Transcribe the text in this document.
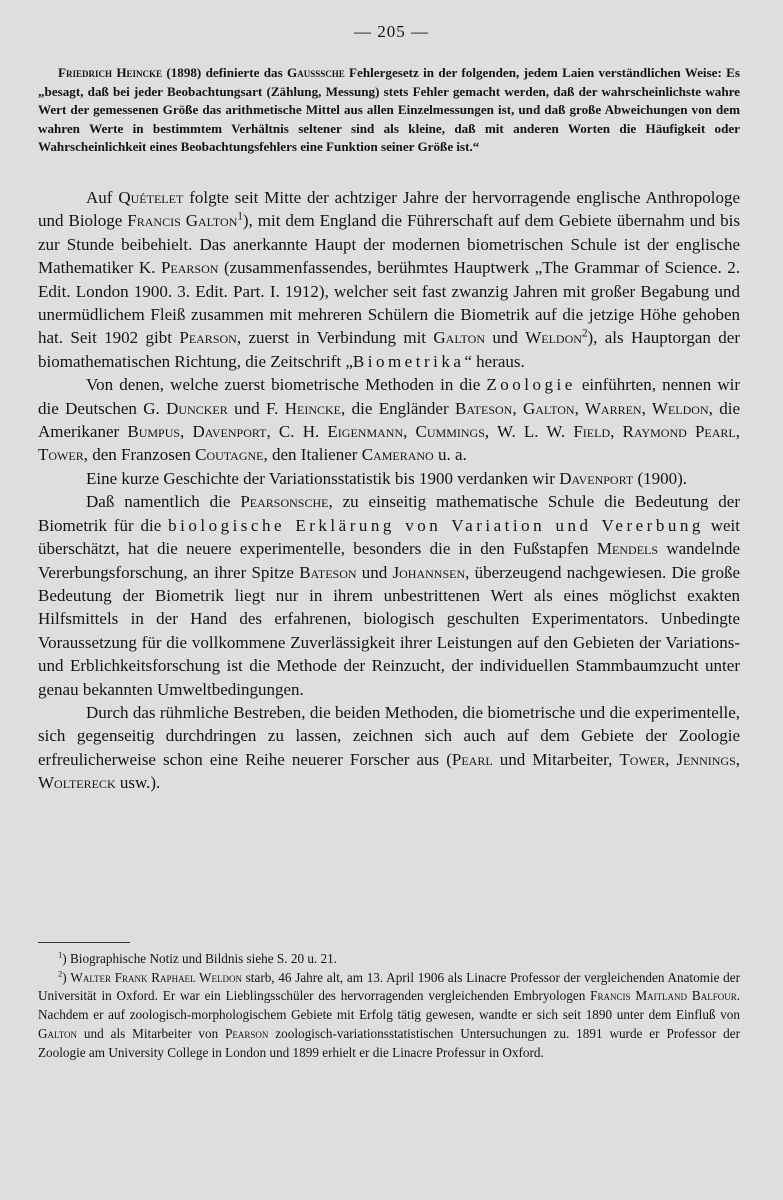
— 205 —

Friedrich Heincke (1898) definierte das Gausssche Fehlergesetz in der folgenden, jedem Laien verständlichen Weise: Es „besagt, daß bei jeder Beobachtungsart (Zählung, Messung) stets Fehler gemacht werden, daß der wahrscheinlichste wahre Wert der gemessenen Größe das arithmetische Mittel aus allen Einzelmessungen ist, und daß große Abweichungen von dem wahren Werte in bestimmtem Verhältnis seltener sind als kleine, daß mit anderen Worten die Häufigkeit oder Wahrscheinlichkeit eines Beobachtungsfehlers eine Funktion seiner Größe ist.“

Auf Quételet folgte seit Mitte der achtziger Jahre der hervorragende englische Anthropologe und Biologe Francis Galton$^1$), mit dem England die Führerschaft auf dem Gebiete übernahm und bis zur Stunde beibehielt. Das anerkannte Haupt der modernen biometrischen Schule ist der englische Mathematiker K. Pearson (zusammenfassendes, berühmtes Hauptwerk „The Grammar of Science. 2. Edit. London 1900. 3. Edit. Part. I. 1912), welcher seit fast zwanzig Jahren mit großer Begabung und unermüdlichem Fleiß zusammen mit mehreren Schülern die Biometrik auf die jetzige Höhe gehoben hat. Seit 1902 gibt Pearson, zuerst in Verbindung mit Galton und Weldon$^2$), als Hauptorgan der biomathematischen Richtung, die Zeitschrift „Biometrika“ heraus.

Von denen, welche zuerst biometrische Methoden in die Zoologie einführten, nennen wir die Deutschen G. Duncker und F. Heincke, die Engländer Bateson, Galton, Warren, Weldon, die Amerikaner Bumpus, Davenport, C. H. Eigenmann, Cummings, W. L. W. Field, Raymond Pearl, Tower, den Franzosen Coutagne, den Italiener Camerano u. a.

Eine kurze Geschichte der Variationsstatistik bis 1900 verdanken wir Davenport (1900).

Daß namentlich die Pearsonsche, zu einseitig mathematische Schule die Bedeutung der Biometrik für die biologische Erklärung von Variation und Vererbung weit überschätzt, hat die neuere experimentelle, besonders die in den Fußstapfen Mendels wandelnde Vererbungsforschung, an ihrer Spitze Bateson und Johannsen, überzeugend nachgewiesen. Die große Bedeutung der Biometrik liegt nur in ihrem unbestrittenen Wert als eines möglichst exakten Hilfsmittels in der Hand des erfahrenen, biologisch geschulten Experimentators. Unbedingte Voraussetzung für die vollkommene Zuverlässigkeit ihrer Leistungen auf den Gebieten der Variations- und Erblichkeitsforschung ist die Methode der Reinzucht, der individuellen Stammbaumzucht unter genau bekannten Umweltbedingungen.

Durch das rühmliche Bestreben, die beiden Methoden, die biometrische und die experimentelle, sich gegenseitig durchdringen zu lassen, zeichnen sich auch auf dem Gebiete der Zoologie erfreulicherweise schon eine Reihe neuerer Forscher aus (Pearl und Mitarbeiter, Tower, Jennings, Woltereck usw.).

$^1$) Biographische Notiz und Bildnis siehe S. 20 u. 21.

$^2$) Walter Frank Raphael Weldon starb, 46 Jahre alt, am 13. April 1906 als Linacre Professor der vergleichenden Anatomie der Universität in Oxford. Er war ein Lieblingsschüler des hervorragenden vergleichenden Embryologen Francis Maitland Balfour. Nachdem er auf zoologisch-morphologischem Gebiete mit Erfolg tätig gewesen, wandte er sich seit 1890 unter dem Einfluß von Galton und als Mitarbeiter von Pearson zoologisch-variationsstatistischen Untersuchungen zu. 1891 wurde er Professor der Zoologie am University College in London und 1899 erhielt er die Linacre Professur in Oxford.
